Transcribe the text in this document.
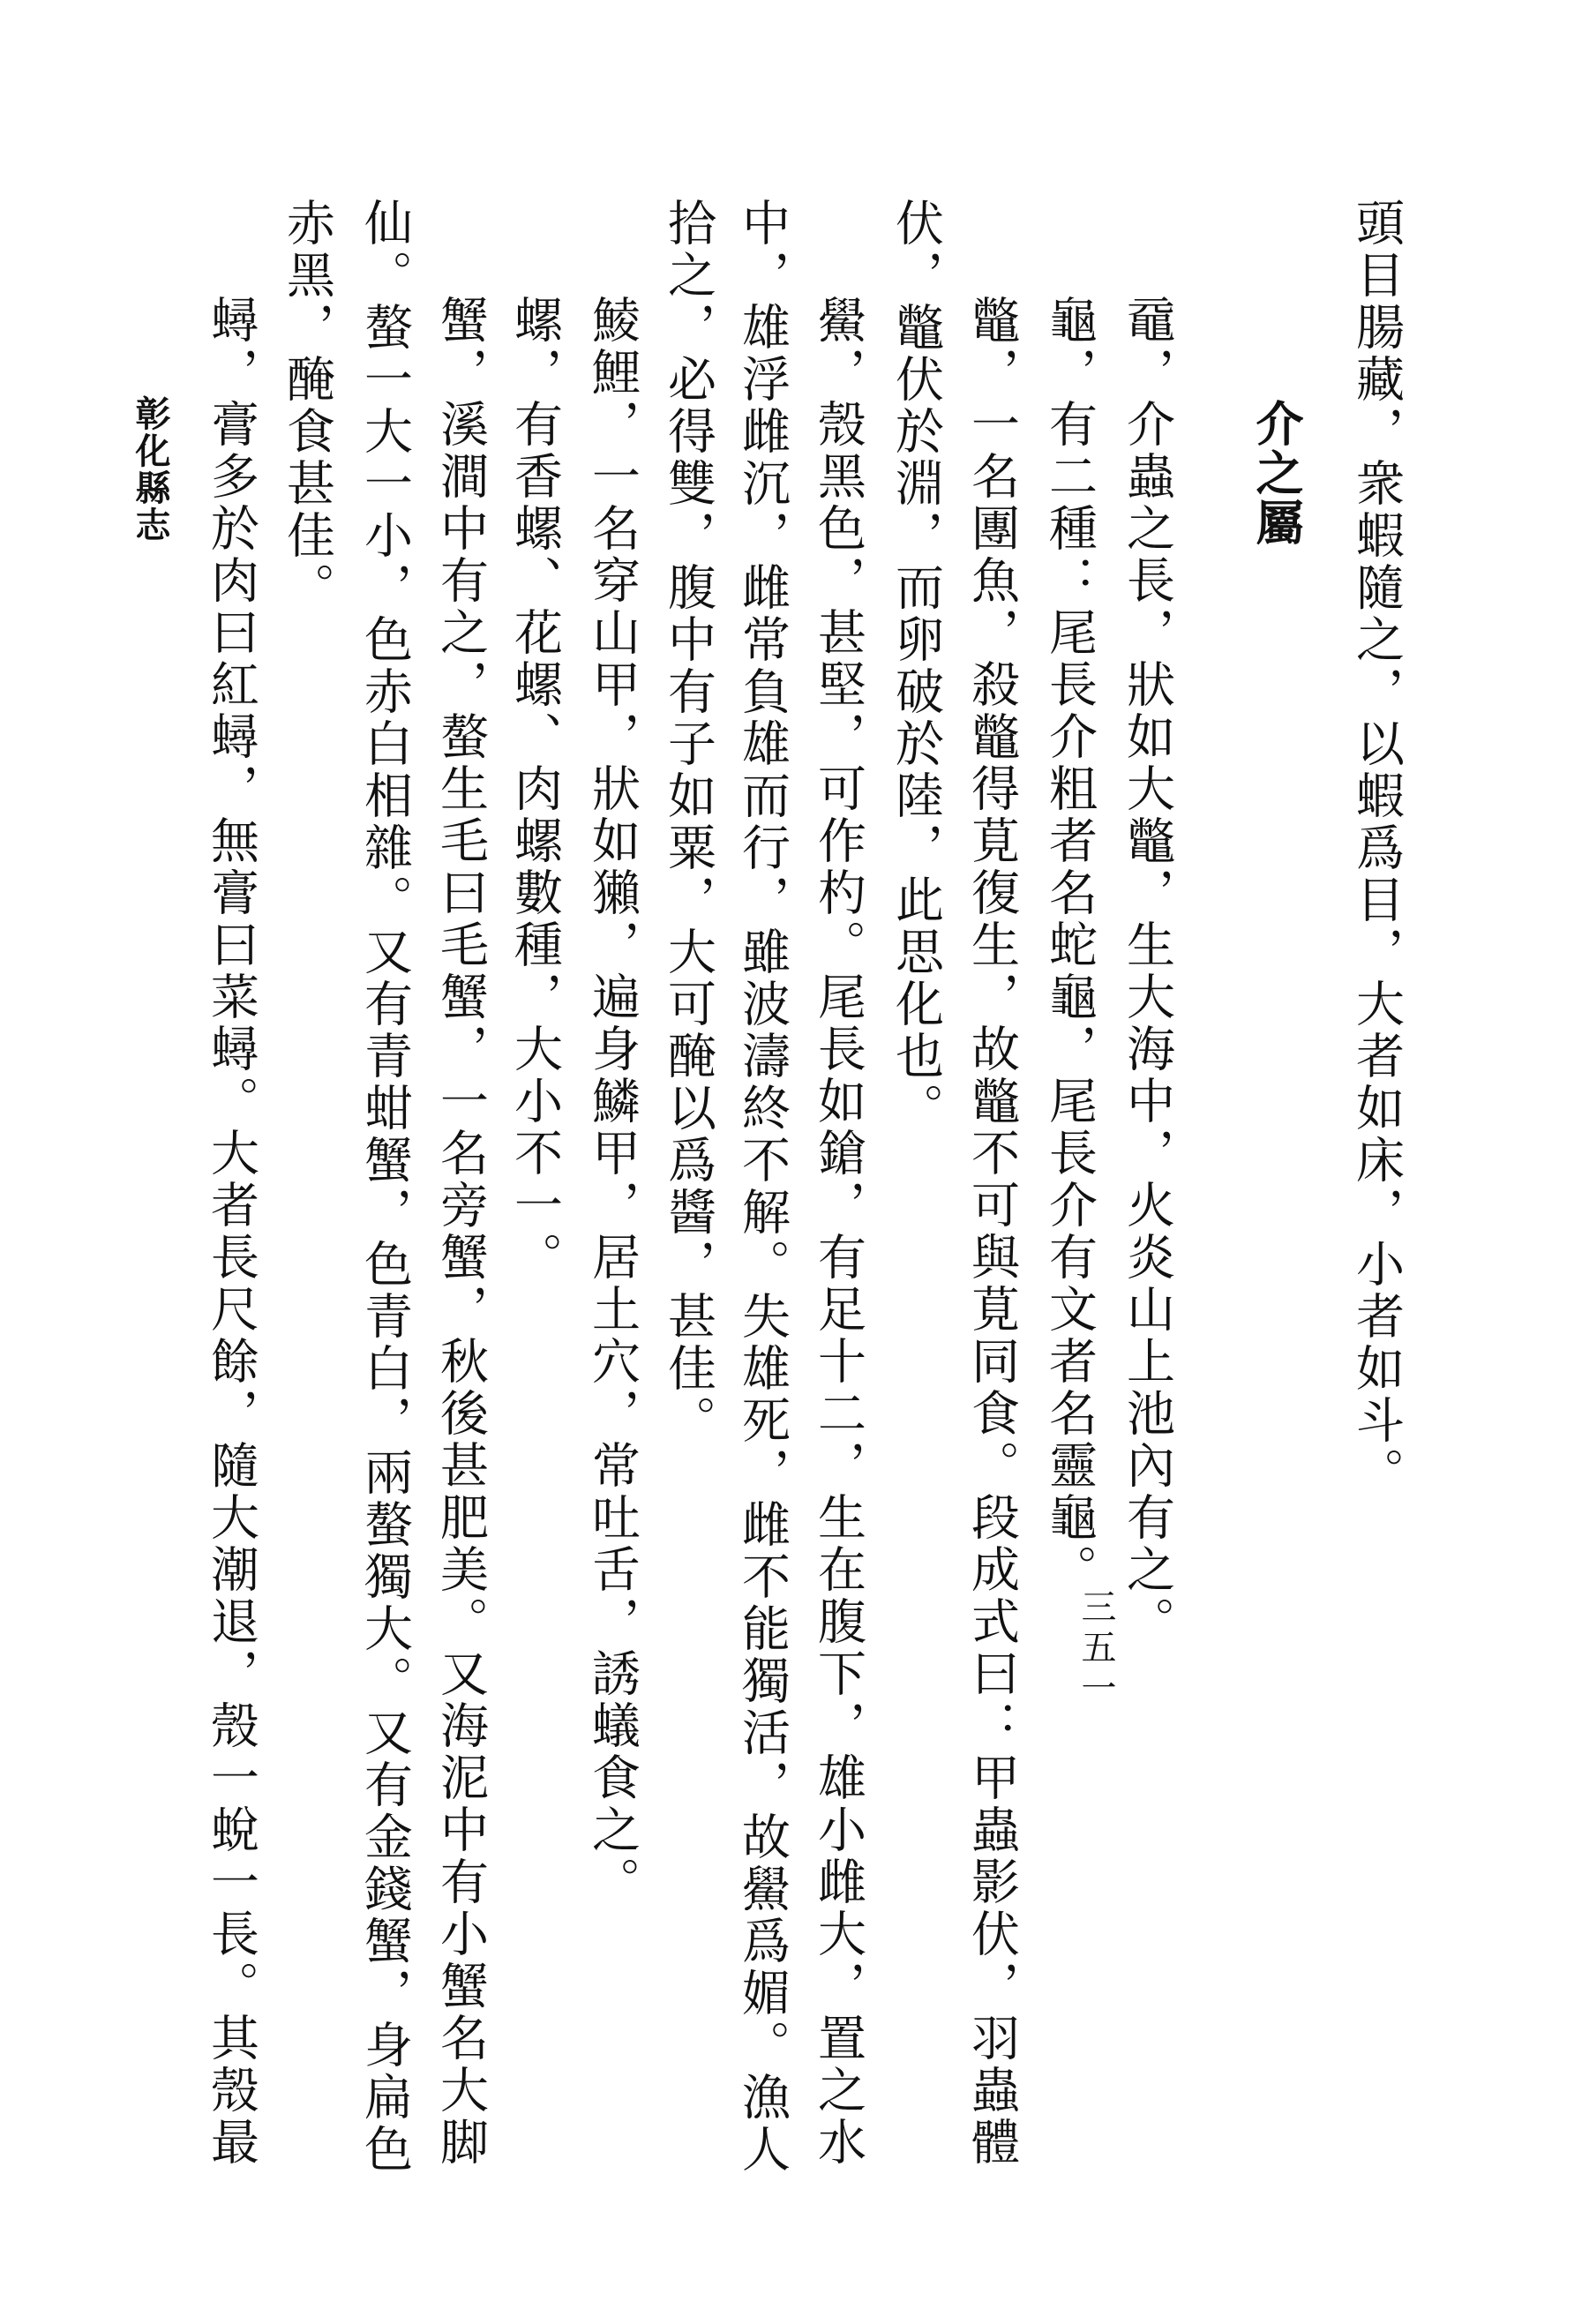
頭目腸藏，衆蝦隨之，以蝦爲目，大者如床，小者如斗。
介之屬
黿，介蟲之長，狀如大鼈，生大海中，火炎山上池內有之。
龜，有二種：尾長介粗者名蛇龜，尾長介有文者名靈龜。
鼈，一名團魚，殺鼈得莧復生，故鼈不可與莧同食。段成式曰：甲蟲影伏，羽蟲體
伏，鼈伏於淵，而卵破於陸，此思化也。
鱟，殼黑色，甚堅，可作杓。尾長如鎗，有足十二，生在腹下，雄小雌大，置之水
中，雄浮雌沉，雌常負雄而行，雖波濤終不解。失雄死，雌不能獨活，故鱟爲媚。漁人
拾之，必得雙，腹中有子如粟，大可醃以爲醬，甚佳。
鯪鯉，一名穿山甲，狀如獺，遍身鱗甲，居土穴，常吐舌，誘蟻食之。
螺，有香螺、花螺、肉螺數種，大小不一。
蟹，溪澗中有之，螯生毛曰毛蟹，一名旁蟹，秋後甚肥美。又海泥中有小蟹名大脚
仙。螯一大一小，色赤白相雜。又有青蚶蟹，色青白，兩螯獨大。又有金錢蟹，身扁色
赤黑，醃食甚佳。
蟳，膏多於肉曰紅蟳，無膏曰菜蟳。大者長尺餘，隨大潮退，殼一蛻一長。其殼最
彰化縣志
三五一
